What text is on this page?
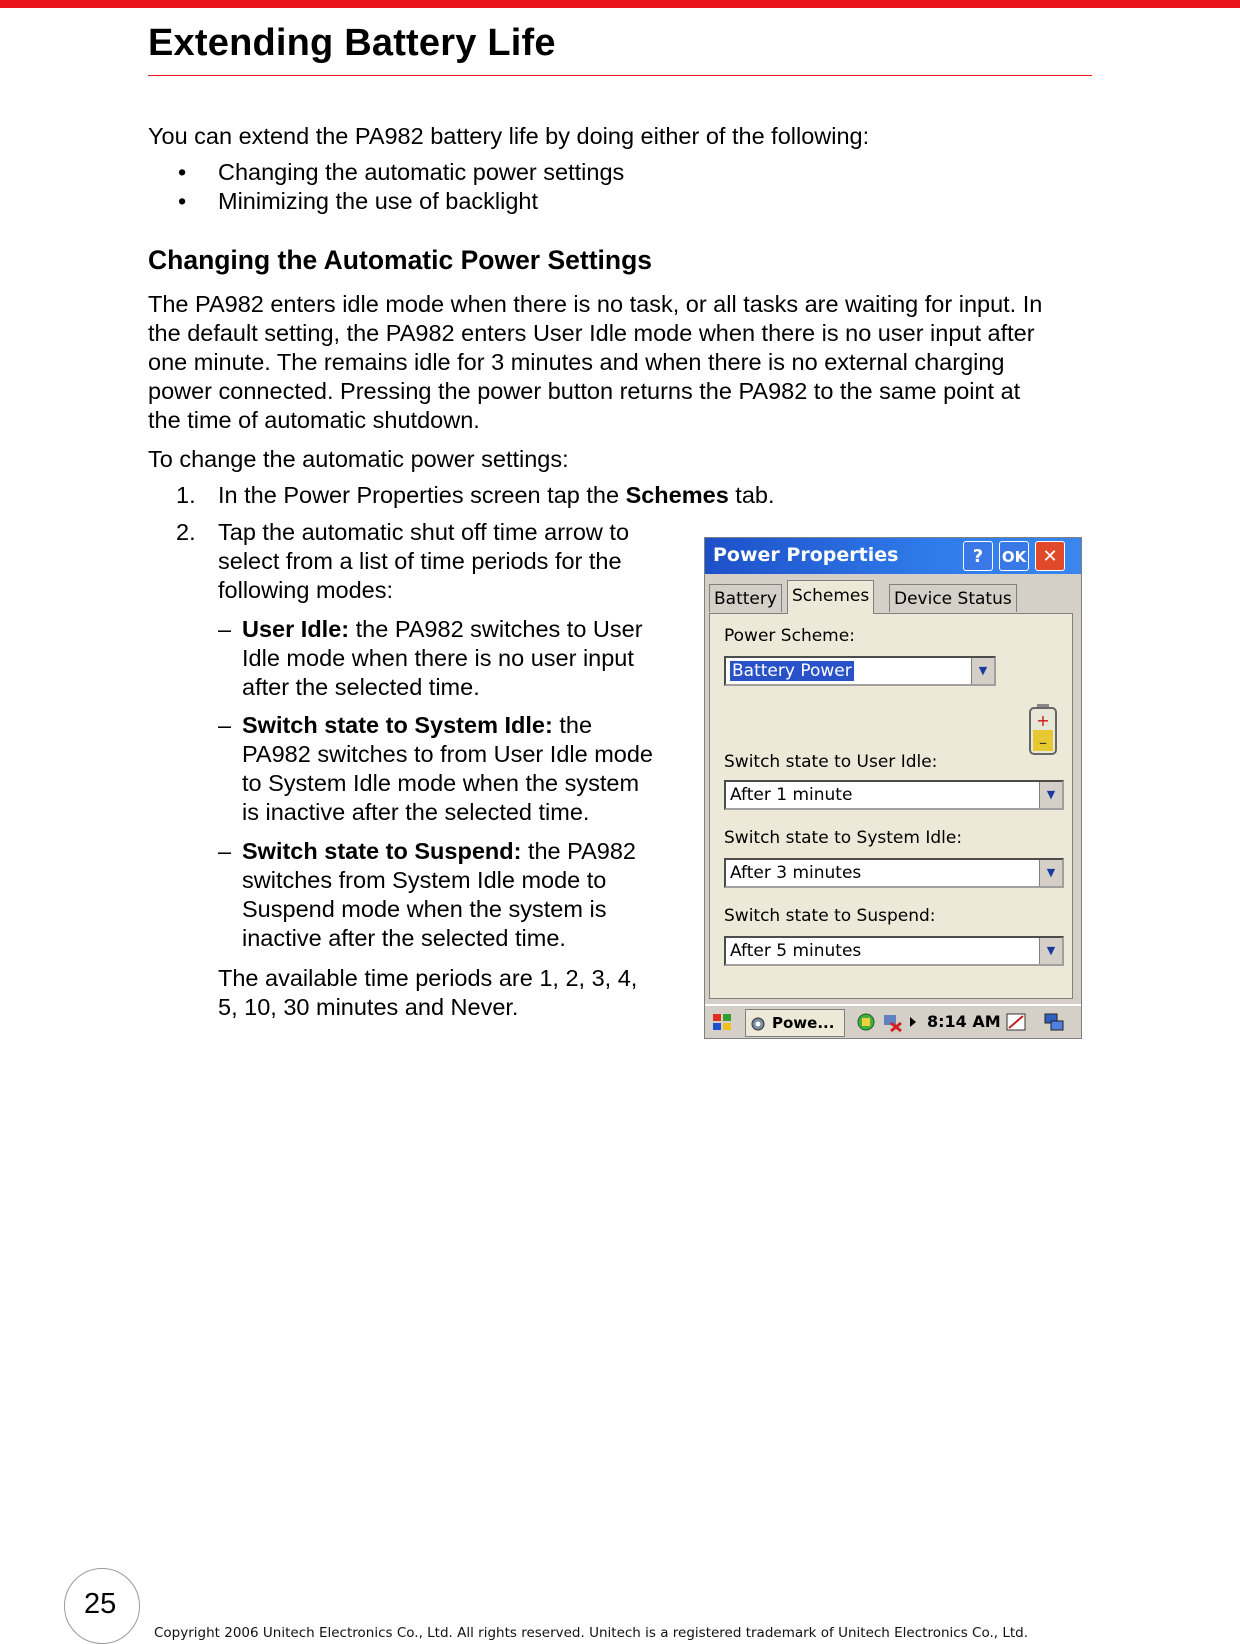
Extending Battery Life
You can extend the PA982 battery life by doing either of the following:
• Changing the automatic power settings
• Minimizing the use of backlight
Changing the Automatic Power Settings
The PA982 enters idle mode when there is no task, or all tasks are waiting for input. In
the default setting, the PA982 enters User Idle mode when there is no user input after
one minute. The remains idle for 3 minutes and when there is no external charging
power connected. Pressing the power button returns the PA982 to the same point at
the time of automatic shutdown.
To change the automatic power settings:
1. In the Power Properties screen tap the Schemes tab.
2. Tap the automatic shut off time arrow to
select from a list of time periods for the
following modes:
– User Idle: the PA982 switches to User
Idle mode when there is no user input
after the selected time.
– Switch state to System Idle: the
PA982 switches to from User Idle mode
to System Idle mode when the system
is inactive after the selected time.
– Switch state to Suspend: the PA982
switches from System Idle mode to
Suspend mode when the system is
inactive after the selected time.
The available time periods are 1, 2, 3, 4,
5, 10, 30 minutes and Never.
Power Properties	?	OK ✕
Battery Schemes Device Status
Power Scheme:
Battery Power	▼
+
–
Switch state to User Idle:
After 1 minute	▼
Switch state to System Idle:
After 3 minutes	▼
Switch state to Suspend:
After 5 minutes	▼
Powe...	8:14 AM
25
Copyright 2006 Unitech Electronics Co., Ltd. All rights reserved. Unitech is a registered trademark of Unitech Electronics Co., Ltd.
